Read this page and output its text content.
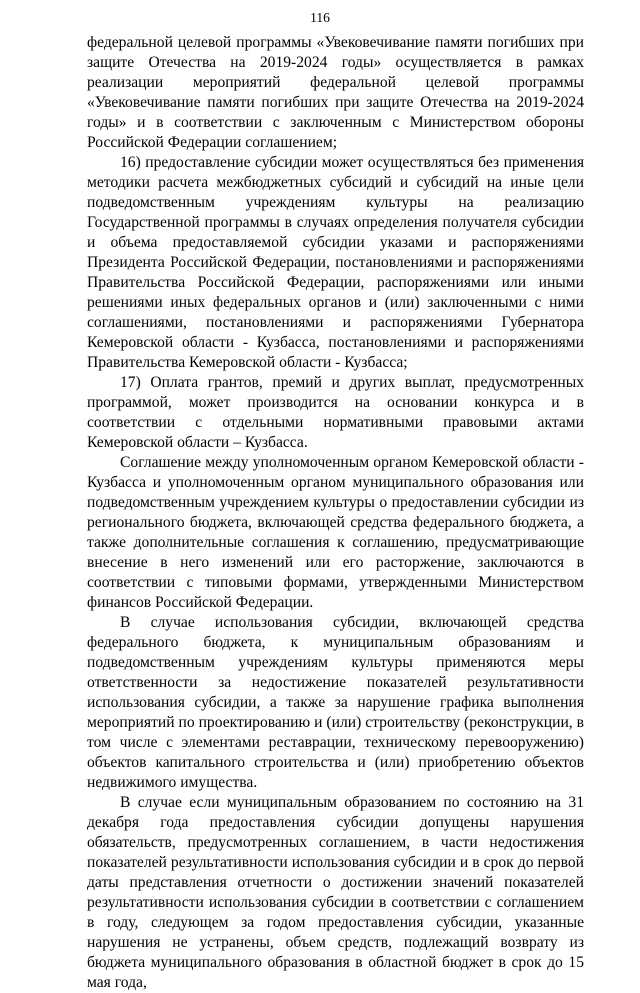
116

федеральной целевой программы «Увековечивание памяти погибших при защите Отечества на 2019-2024 годы» осуществляется в рамках реализации мероприятий федеральной целевой программы «Увековечивание памяти погибших при защите Отечества на 2019-2024 годы» и в соответствии с заключенным с Министерством обороны Российской Федерации соглашением;

16) предоставление субсидии может осуществляться без применения методики расчета межбюджетных субсидий и субсидий на иные цели подведомственным учреждениям культуры на реализацию Государственной программы в случаях определения получателя субсидии и объема предоставляемой субсидии указами и распоряжениями Президента Российской Федерации, постановлениями и распоряжениями Правительства Российской Федерации, распоряжениями или иными решениями иных федеральных органов и (или) заключенными с ними соглашениями, постановлениями и распоряжениями Губернатора Кемеровской области - Кузбасса, постановлениями и распоряжениями Правительства Кемеровской области - Кузбасса;

17) Оплата грантов, премий и других выплат, предусмотренных программой, может производится на основании конкурса и в соответствии с отдельными нормативными правовыми актами Кемеровской области – Кузбасса.

Соглашение между уполномоченным органом Кемеровской области - Кузбасса и уполномоченным органом муниципального образования или подведомственным учреждением культуры о предоставлении субсидии из регионального бюджета, включающей средства федерального бюджета, а также дополнительные соглашения к соглашению, предусматривающие внесение в него изменений или его расторжение, заключаются в соответствии с типовыми формами, утвержденными Министерством финансов Российской Федерации.

В случае использования субсидии, включающей средства федерального бюджета, к муниципальным образованиям и подведомственным учреждениям культуры применяются меры ответственности за недостижение показателей результативности использования субсидии, а также за нарушение графика выполнения мероприятий по проектированию и (или) строительству (реконструкции, в том числе с элементами реставрации, техническому перевооружению) объектов капитального строительства и (или) приобретению объектов недвижимого имущества.

В случае если муниципальным образованием по состоянию на 31 декабря года предоставления субсидии допущены нарушения обязательств, предусмотренных соглашением, в части недостижения показателей результативности использования субсидии и в срок до первой даты представления отчетности о достижении значений показателей результативности использования субсидии в соответствии с соглашением в году, следующем за годом предоставления субсидии, указанные нарушения не устранены, объем средств, подлежащий возврату из бюджета муниципального образования в областной бюджет в срок до 15 мая года,
